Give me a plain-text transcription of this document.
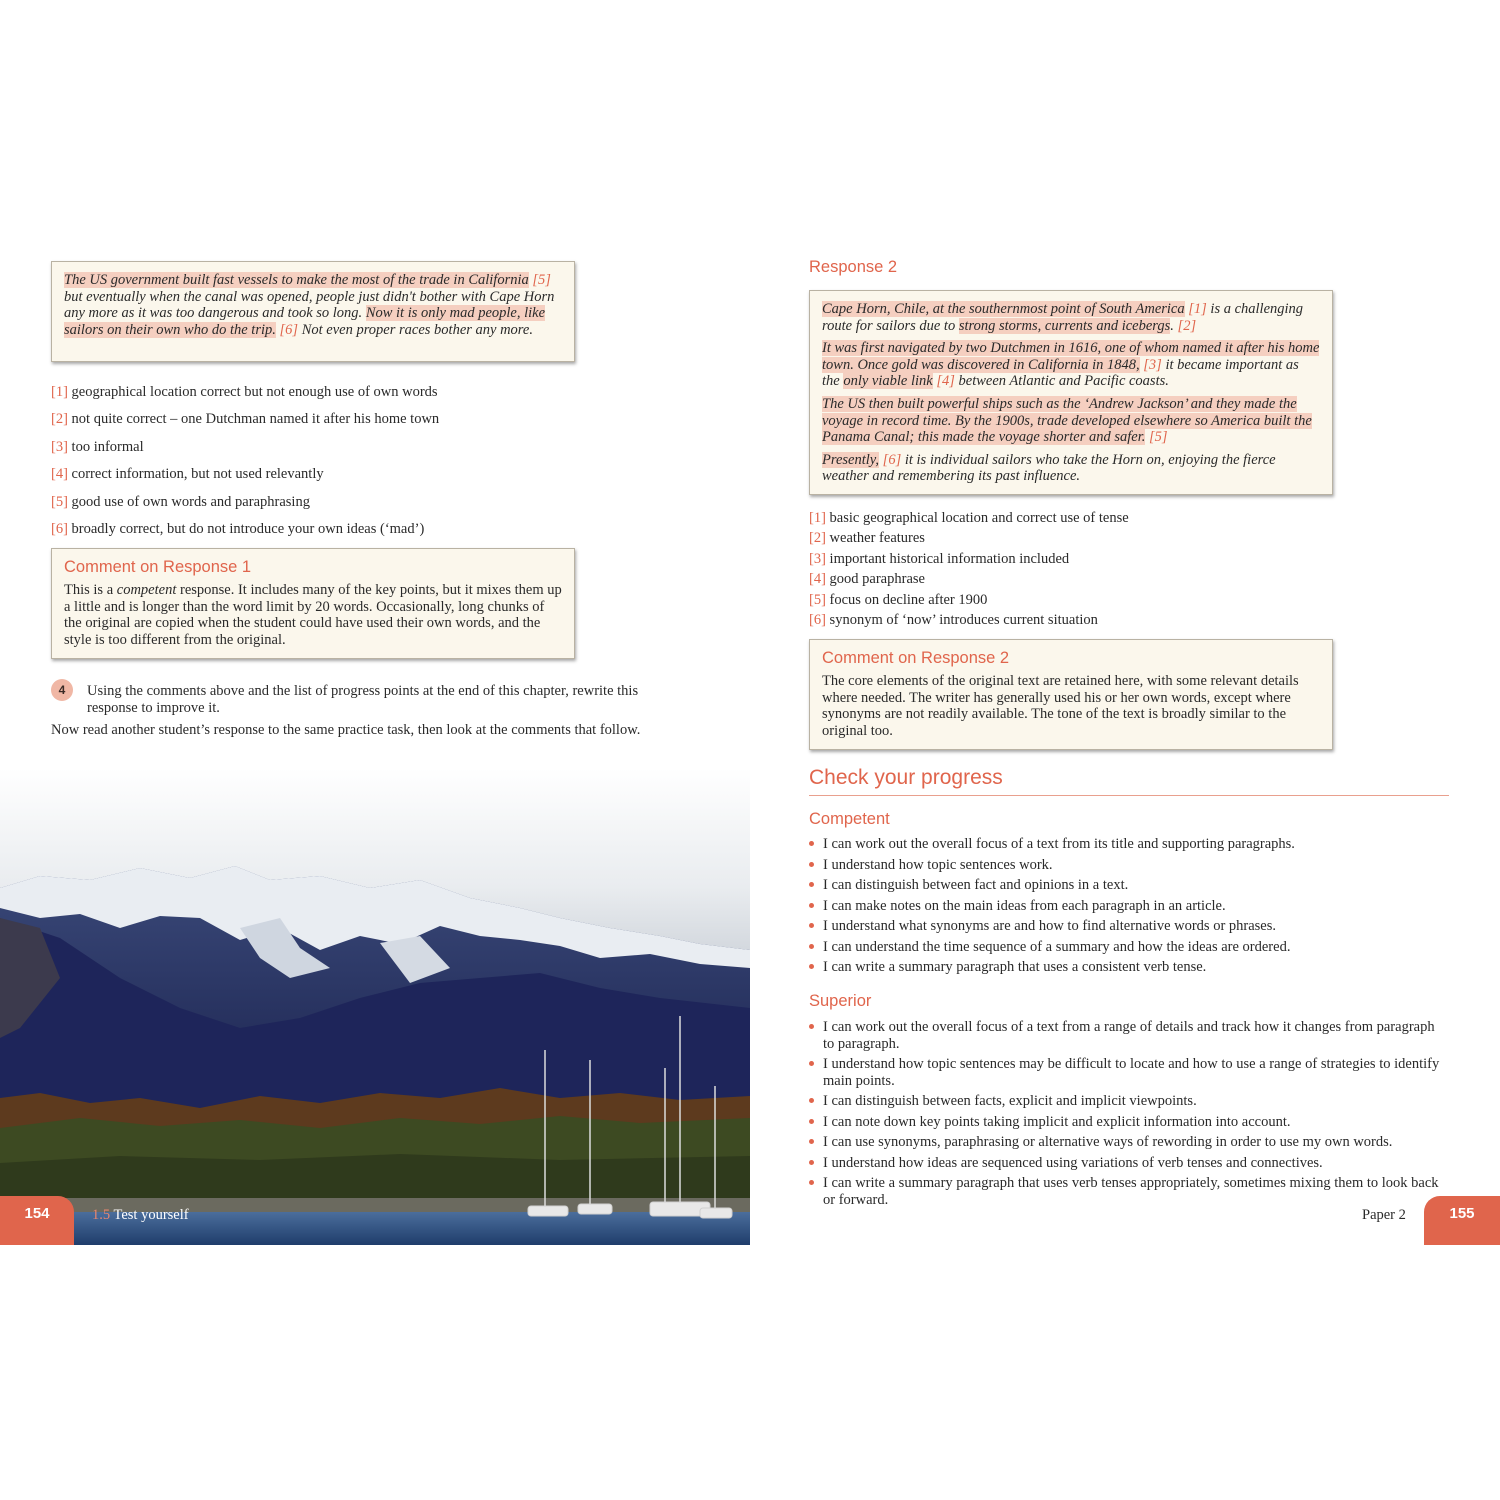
The US government built fast vessels to make the most of the trade in California [5] but eventually when the canal was opened, people just didn't bother with Cape Horn any more as it was too dangerous and took so long. Now it is only mad people, like sailors on their own who do the trip. [6] Not even proper races bother any more.
[1] geographical location correct but not enough use of own words
[2] not quite correct – one Dutchman named it after his home town
[3] too informal
[4] correct information, but not used relevantly
[5] good use of own words and paraphrasing
[6] broadly correct, but do not introduce your own ideas (‘mad’)
Comment on Response 1
This is a competent response. It includes many of the key points, but it mixes them up a little and is longer than the word limit by 20 words. Occasionally, long chunks of the original are copied when the student could have used their own words, and the style is too different from the original.
4	Using the comments above and the list of progress points at the end of this chapter, rewrite this response to improve it.
Now read another student’s response to the same practice task, then look at the comments that follow.
154	1.5 Test yourself
Response 2

Cape Horn, Chile, at the southernmost point of South America [1] is a challenging route for sailors due to strong storms, currents and icebergs. [2]

It was first navigated by two Dutchmen in 1616, one of whom named it after his home town. Once gold was discovered in California in 1848, [3] it became important as the only viable link [4] between Atlantic and Pacific coasts.

The US then built powerful ships such as the ‘Andrew Jackson’ and they made the voyage in record time. By the 1900s, trade developed elsewhere so America built the Panama Canal; this made the voyage shorter and safer. [5]

Presently, [6] it is individual sailors who take the Horn on, enjoying the fierce weather and remembering its past influence.

[1] basic geographical location and correct use of tense
[2] weather features
[3] important historical information included
[4] good paraphrase
[5] focus on decline after 1900
[6] synonym of ‘now’ introduces current situation
Comment on Response 2
The core elements of the original text are retained here, with some relevant details where needed. The writer has generally used his or her own words, except where synonyms are not readily available. The tone of the text is broadly similar to the original too.
Check your progress
Competent
I can work out the overall focus of a text from its title and supporting paragraphs.
I understand how topic sentences work.
I can distinguish between fact and opinions in a text.
I can make notes on the main ideas from each paragraph in an article.
I understand what synonyms are and how to find alternative words or phrases.
I can understand the time sequence of a summary and how the ideas are ordered.
I can write a summary paragraph that uses a consistent verb tense.
Superior
I can work out the overall focus of a text from a range of details and track how it changes from paragraph to paragraph.
I understand how topic sentences may be difficult to locate and how to use a range of strategies to identify main points.
I can distinguish between facts, explicit and implicit viewpoints.
I can note down key points taking implicit and explicit information into account.
I can use synonyms, paraphrasing or alternative ways of rewording in order to use my own words.
I understand how ideas are sequenced using variations of verb tenses and connectives.
I can write a summary paragraph that uses verb tenses appropriately, sometimes mixing them to look back or forward.
Paper 2	155
